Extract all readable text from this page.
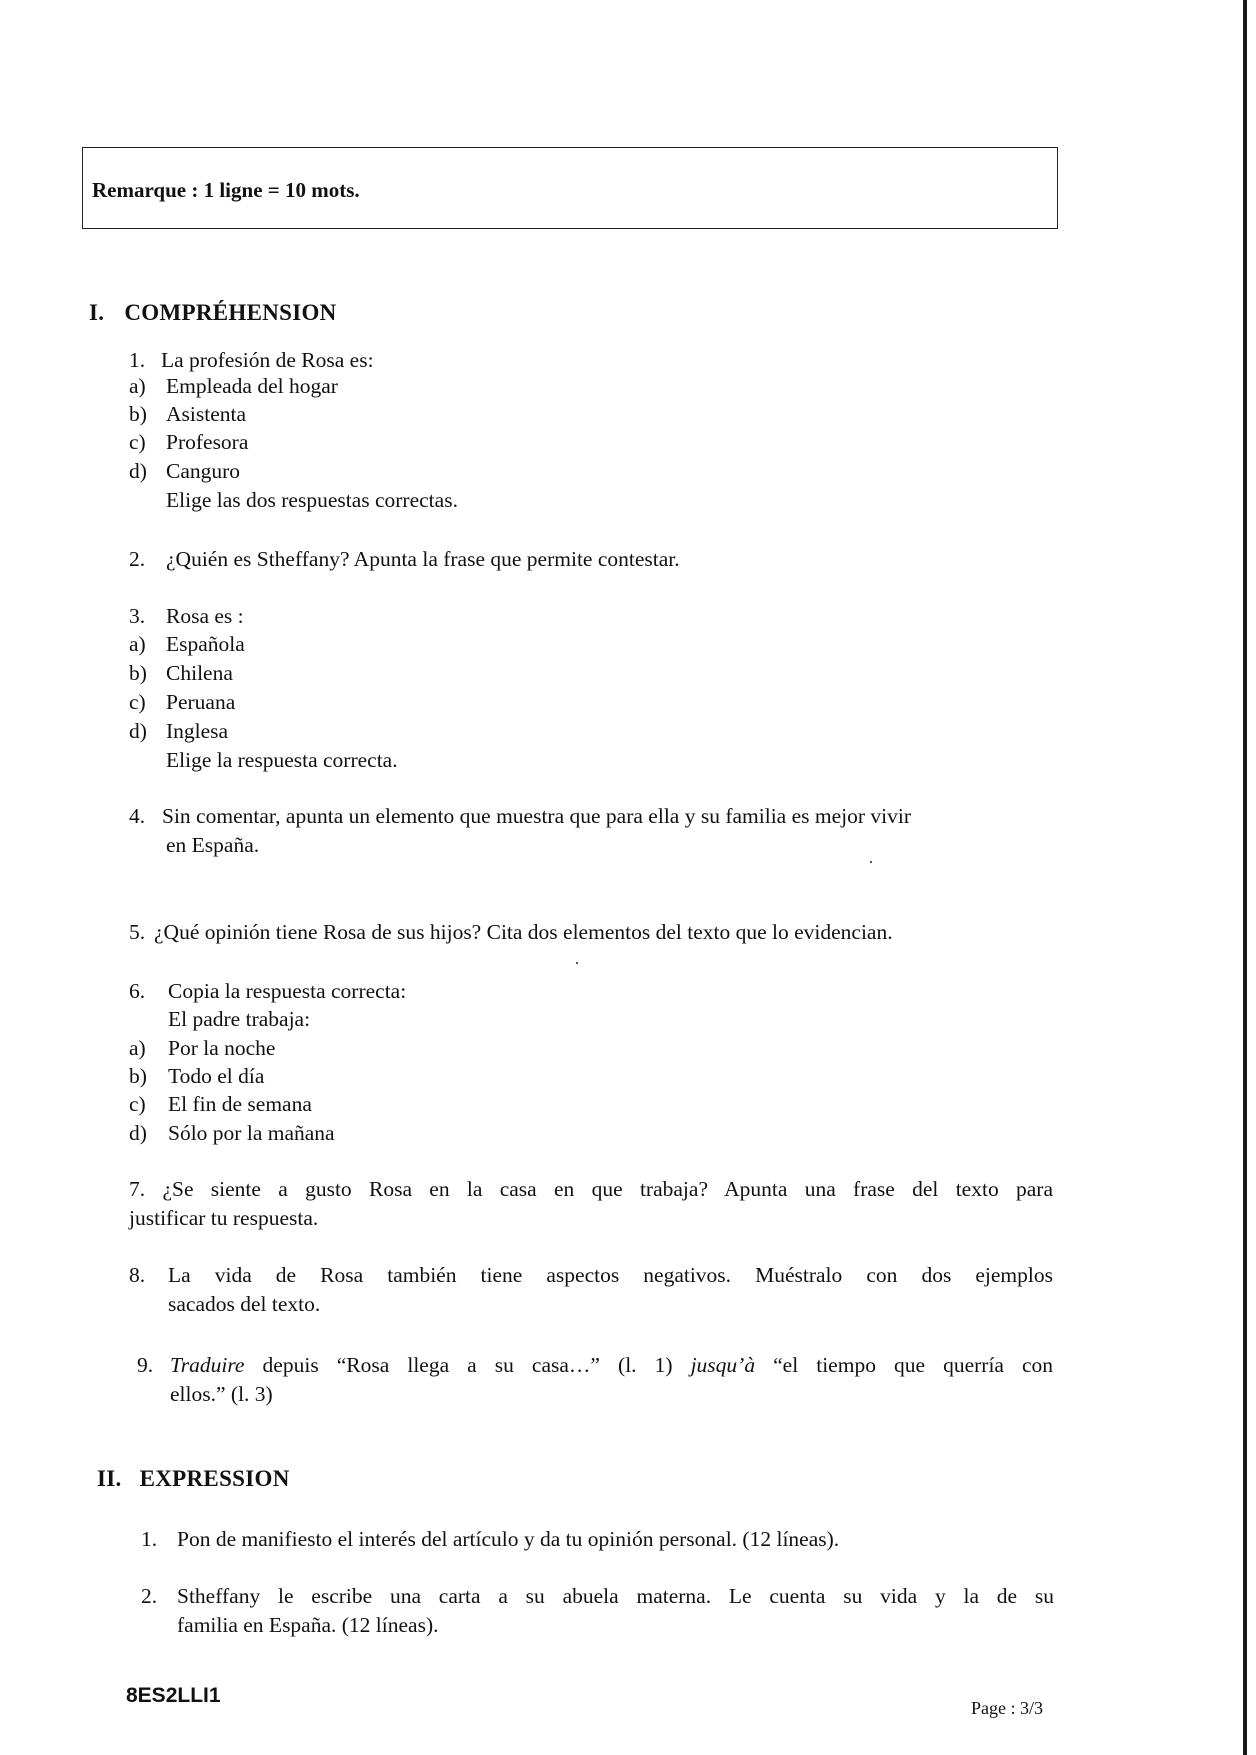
Remarque : 1 ligne = 10 mots.
I. COMPRÉHENSION
1. La profesión de Rosa es:
a) Empleada del hogar
b) Asistenta
c) Profesora
d) Canguro
Elige las dos respuestas correctas.
2. ¿Quién es Stheffany? Apunta la frase que permite contestar.
3. Rosa es :
a) Española
b) Chilena
c) Peruana
d) Inglesa
Elige la respuesta correcta.
4. Sin comentar, apunta un elemento que muestra que para ella y su familia es mejor vivir
en España.
5. ¿Qué opinión tiene Rosa de sus hijos? Cita dos elementos del texto que lo evidencian.
6. Copia la respuesta correcta:
El padre trabaja:
a) Por la noche
b) Todo el día
c) El fin de semana
d) Sólo por la mañana
7. ¿Se siente a gusto Rosa en la casa en que trabaja? Apunta una frase del texto para
justificar tu respuesta.
8. La vida de Rosa también tiene aspectos negativos. Muéstralo con dos ejemplos
sacados del texto.
9. Traduire depuis “Rosa llega a su casa…” (l. 1) jusqu’à “el tiempo que querría con
ellos.” (l. 3)
II. EXPRESSION
1. Pon de manifiesto el interés del artículo y da tu opinión personal. (12 líneas).
2. Stheffany le escribe una carta a su abuela materna. Le cuenta su vida y la de su
familia en España. (12 líneas).
8ES2LLI1
Page : 3/3
